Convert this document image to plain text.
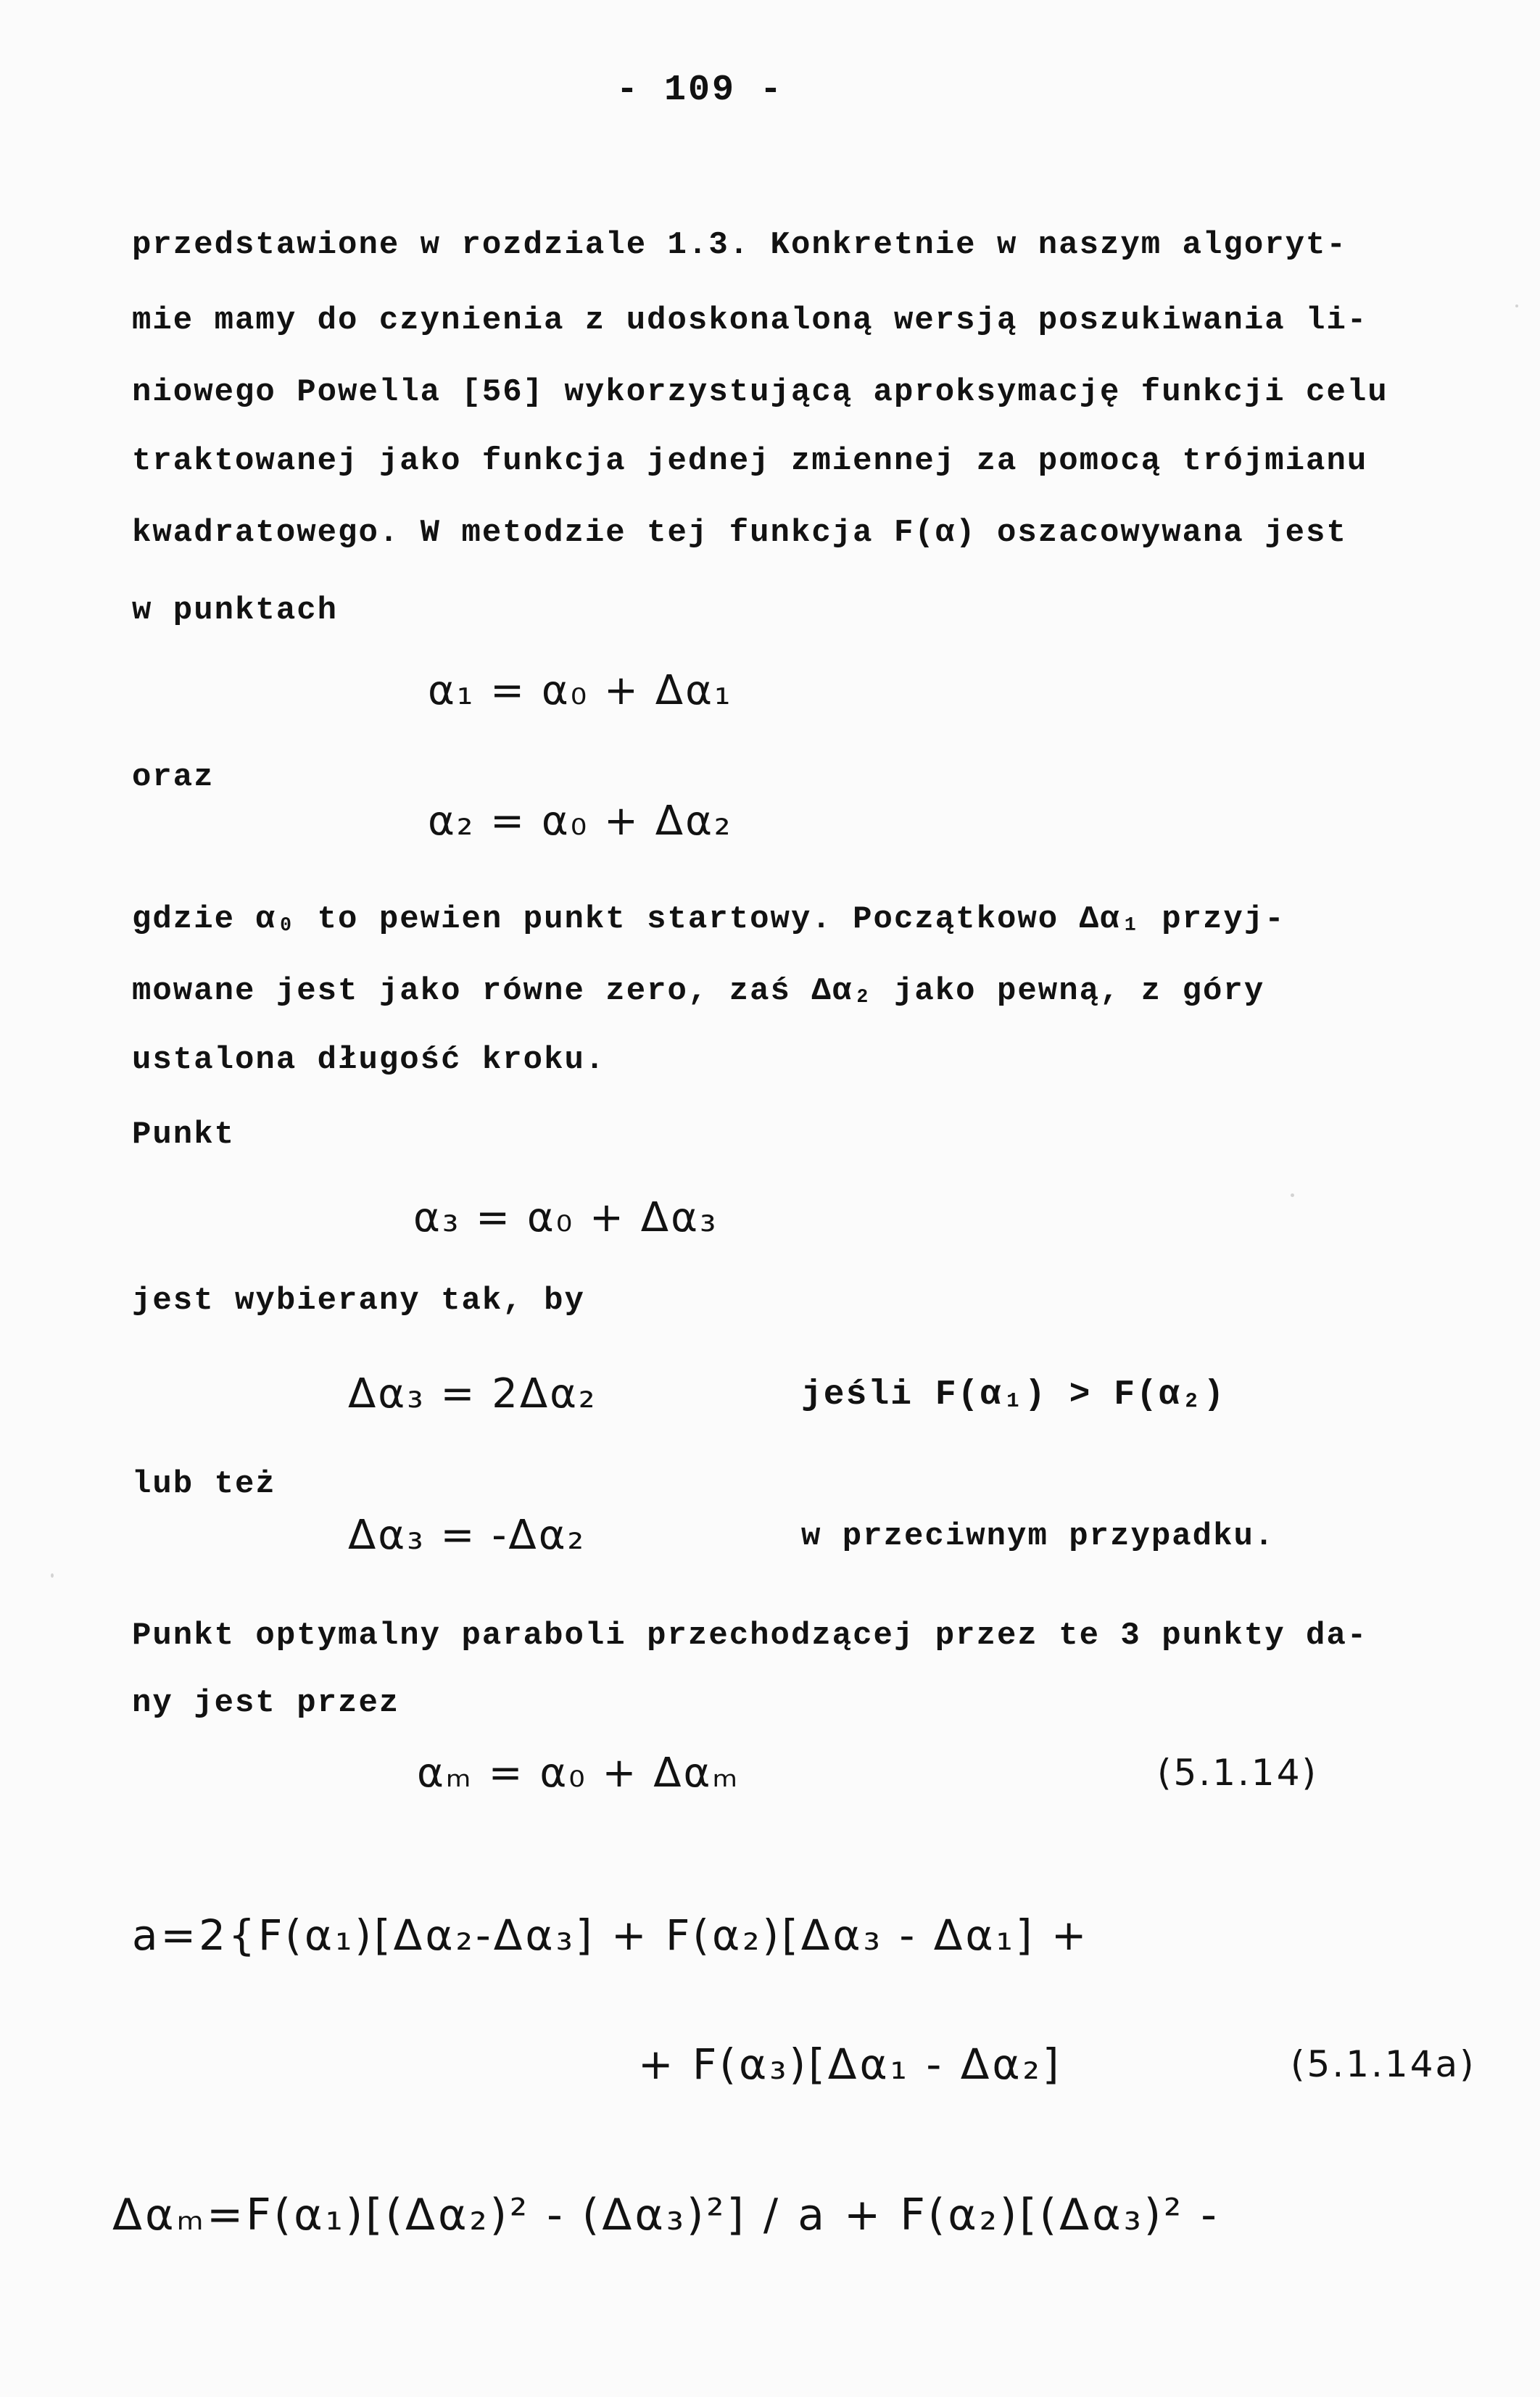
- 109 -
przedstawione w rozdziale 1.3. Konkretnie w naszym algoryt-
mie mamy do czynienia z udoskonaloną wersją poszukiwania li-
niowego Powella [56] wykorzystującą aproksymację funkcji celu
traktowanej jako funkcja jednej zmiennej za pomocą trójmianu
kwadratowego. W metodzie tej funkcja F(α) oszacowywana jest
w punktach
α₁ = α₀ + Δα₁
oraz
α₂ = α₀ + Δα₂
gdzie α₀ to pewien punkt startowy. Początkowo Δα₁ przyj-
mowane jest jako równe zero, zaś Δα₂ jako pewną, z góry
ustalona długość kroku.
Punkt
α₃ = α₀ + Δα₃
jest wybierany tak, by
Δα₃ = 2Δα₂	jeśli F(α₁) > F(α₂)
lub też
Δα₃ = -Δα₂	w przeciwnym przypadku.
Punkt optymalny paraboli przechodzącej przez te 3 punkty da-
ny jest przez
αₘ = α₀ + Δαₘ	(5.1.14)
a=2{F(α₁)[Δα₂-Δα₃] + F(α₂)[Δα₃ - Δα₁] +
+ F(α₃)[Δα₁ - Δα₂]	(5.1.14a)
Δαₘ=F(α₁)[(Δα₂)² - (Δα₃)²] / a + F(α₂)[(Δα₃)² -
